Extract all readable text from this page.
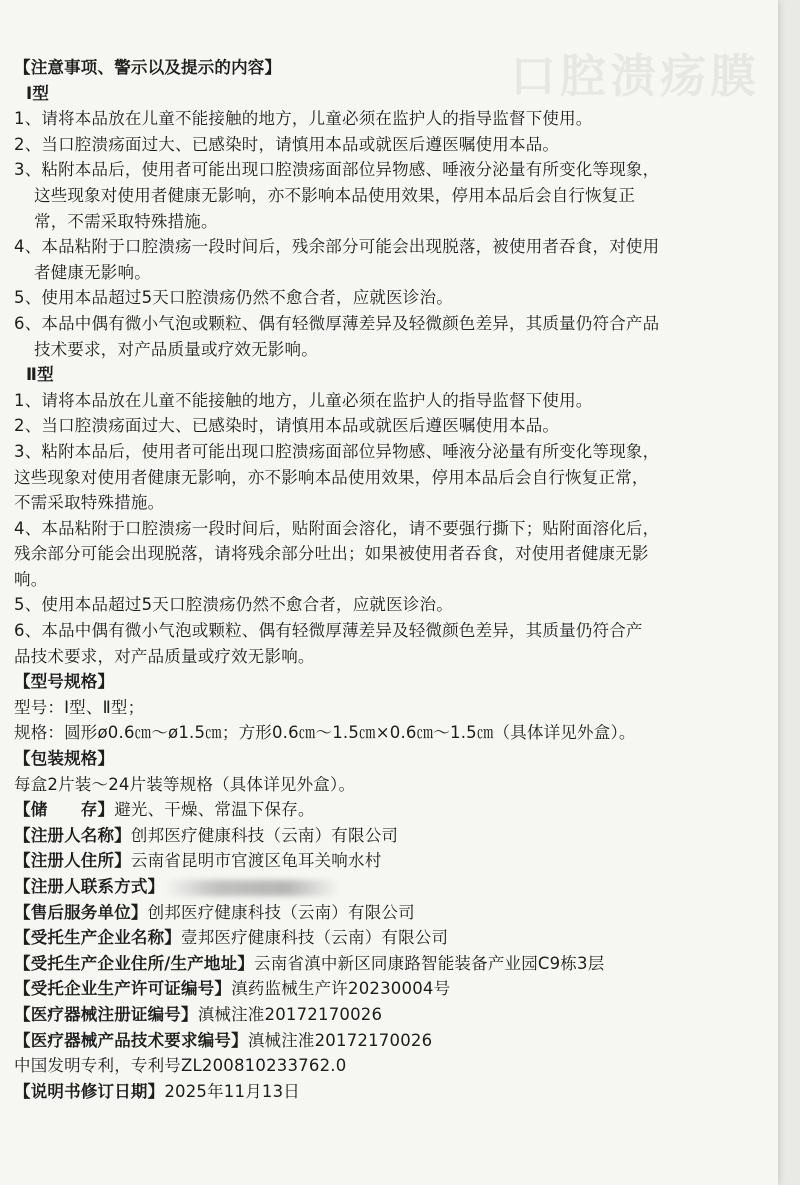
口腔溃疡膜
【注意事项、警示以及提示的内容】
Ⅰ型
1、请将本品放在儿童不能接触的地方，儿童必须在监护人的指导监督下使用。
2、当口腔溃疡面过大、已感染时，请慎用本品或就医后遵医嘱使用本品。
3、粘附本品后，使用者可能出现口腔溃疡面部位异物感、唾液分泌量有所变化等现象，
这些现象对使用者健康无影响，亦不影响本品使用效果，停用本品后会自行恢复正
常，不需采取特殊措施。
4、本品粘附于口腔溃疡一段时间后，残余部分可能会出现脱落，被使用者吞食，对使用
者健康无影响。
5、使用本品超过5天口腔溃疡仍然不愈合者，应就医诊治。
6、本品中偶有微小气泡或颗粒、偶有轻微厚薄差异及轻微颜色差异，其质量仍符合产品
技术要求，对产品质量或疗效无影响。
Ⅱ型
1、请将本品放在儿童不能接触的地方，儿童必须在监护人的指导监督下使用。
2、当口腔溃疡面过大、已感染时，请慎用本品或就医后遵医嘱使用本品。
3、粘附本品后，使用者可能出现口腔溃疡面部位异物感、唾液分泌量有所变化等现象，
这些现象对使用者健康无影响，亦不影响本品使用效果，停用本品后会自行恢复正常，
不需采取特殊措施。
4、本品粘附于口腔溃疡一段时间后，贴附面会溶化，请不要强行撕下；贴附面溶化后，
残余部分可能会出现脱落，请将残余部分吐出；如果被使用者吞食，对使用者健康无影
响。
5、使用本品超过5天口腔溃疡仍然不愈合者，应就医诊治。
6、本品中偶有微小气泡或颗粒、偶有轻微厚薄差异及轻微颜色差异，其质量仍符合产
品技术要求，对产品质量或疗效无影响。
【型号规格】
型号：Ⅰ型、Ⅱ型；
规格：圆形ø0.6㎝～ø1.5㎝；方形0.6㎝～1.5㎝×0.6㎝～1.5㎝（具体详见外盒）。
【包装规格】
每盒2片装～24片装等规格（具体详见外盒）。
【储　　存】避光、干燥、常温下保存。
【注册人名称】创邦医疗健康科技（云南）有限公司
【注册人住所】云南省昆明市官渡区龟耳关响水村
【注册人联系方式】
【售后服务单位】创邦医疗健康科技（云南）有限公司
【受托生产企业名称】壹邦医疗健康科技（云南）有限公司
【受托生产企业住所/生产地址】云南省滇中新区同康路智能装备产业园C9栋3层
【受托企业生产许可证编号】滇药监械生产许20230004号
【医疗器械注册证编号】滇械注准20172170026
【医疗器械产品技术要求编号】滇械注准20172170026
中国发明专利，专利号ZL200810233762.0
【说明书修订日期】2025年11月13日
